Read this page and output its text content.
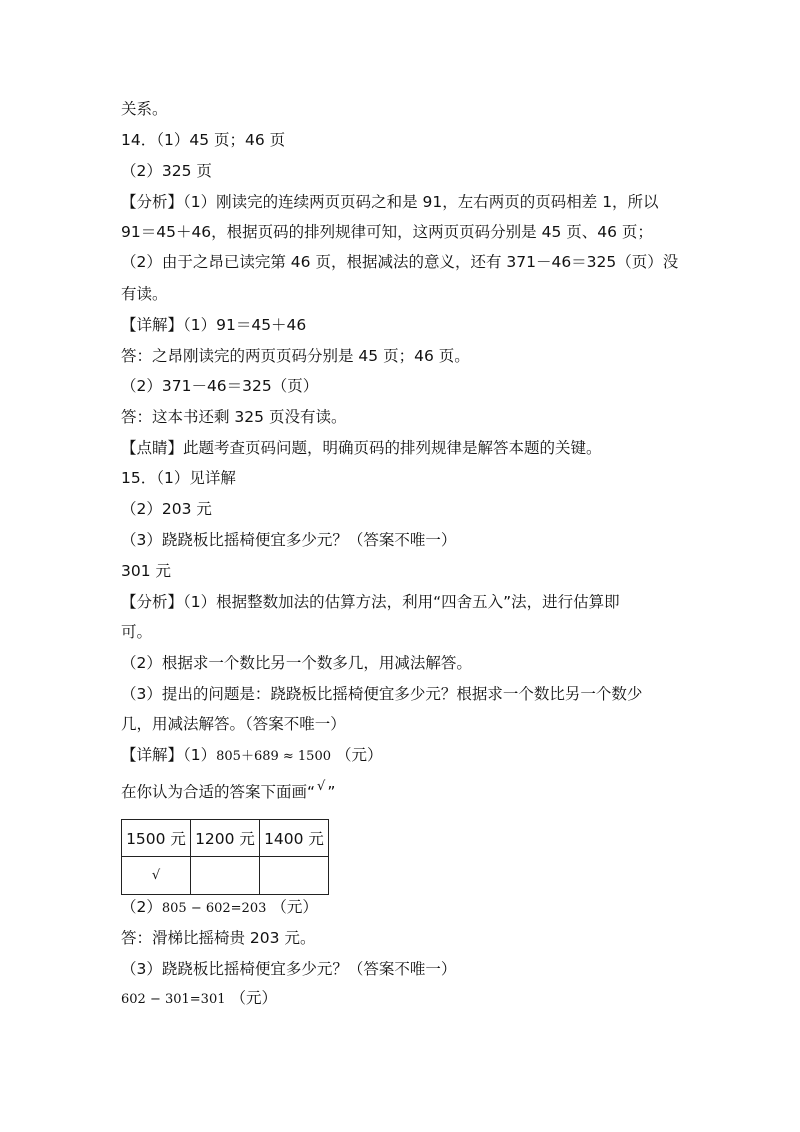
关系。
14．（1）45 页；46 页
（2）325 页
【分析】（1）刚读完的连续两页页码之和是 91，左右两页的页码相差 1，所以
91＝45＋46，根据页码的排列规律可知，这两页页码分别是 45 页、46 页；
（2）由于之昂已读完第 46 页，根据减法的意义，还有 371－46＝325（页）没
有读。
【详解】（1）91＝45＋46
答：之昂刚读完的两页页码分别是 45 页；46 页。
（2）371－46＝325（页）
答：这本书还剩 325 页没有读。
【点睛】此题考查页码问题，明确页码的排列规律是解答本题的关键。
15．（1）见详解
（2）203 元
（3）跷跷板比摇椅便宜多少元？（答案不唯一）
301 元
【分析】（1）根据整数加法的估算方法，利用“四舍五入”法，进行估算即
可。
（2）根据求一个数比另一个数多几，用减法解答。
（3）提出的问题是：跷跷板比摇椅便宜多少元？根据求一个数比另一个数少
几，用减法解答。（答案不唯一）
【详解】（1）805＋689 ≈ 1500 （元）
在你认为合适的答案下面画“ √ ”
1500 元	1200 元	1400 元
√		
（2）805 − 602=203 （元）
答：滑梯比摇椅贵 203 元。
（3）跷跷板比摇椅便宜多少元？（答案不唯一）
602 − 301=301 （元）
